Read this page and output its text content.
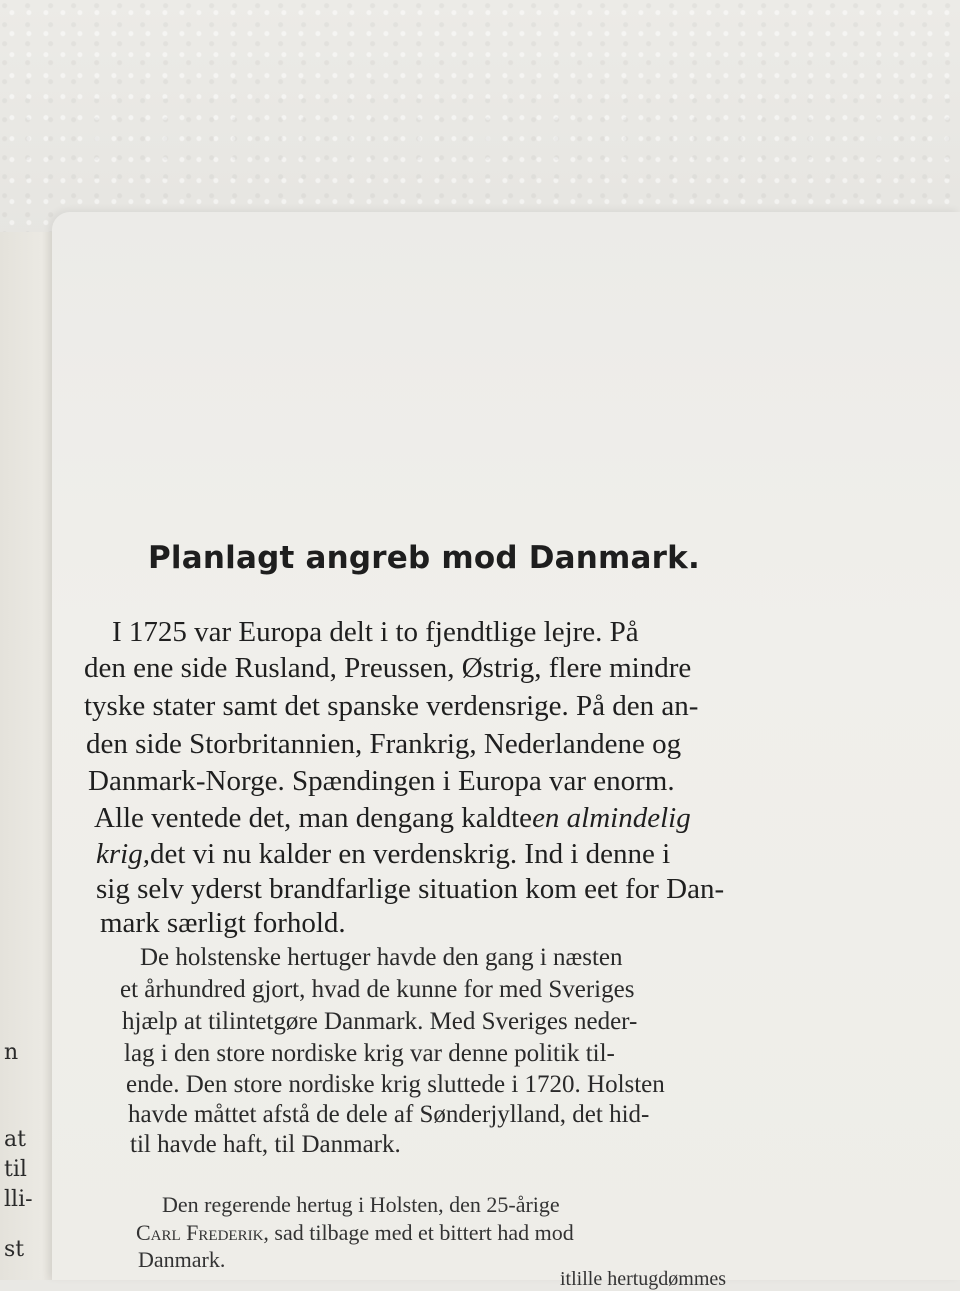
n
at
til
lli-
st
Planlagt angreb mod Danmark.
I 1725 var Europa delt i to fjendtlige lejre. På
den ene side Rusland, Preussen, Østrig, flere mindre
tyske stater samt det spanske verdensrige. På den an-
den side Storbritannien, Frankrig, Nederlandene og
Danmark-Norge. Spændingen i Europa var enorm.
Alle ventede det, man dengang kaldteen almindelig
krig,det vi nu kalder en verdenskrig. Ind i denne i
sig selv yderst brandfarlige situation kom eet for Dan-
mark særligt forhold.
De holstenske hertuger havde den gang i næsten
et århundred gjort, hvad de kunne for med Sveriges
hjælp at tilintetgøre Danmark. Med Sveriges neder-
lag i den store nordiske krig var denne politik til-
ende. Den store nordiske krig sluttede i 1720. Holsten
havde måttet afstå de dele af Sønderjylland, det hid-
til havde haft, til Danmark.
Den regerende hertug i Holsten, den 25-årige
Carl Frederik, sad tilbage med et bittert had mod
Danmark.
itlille hertugdømmes
